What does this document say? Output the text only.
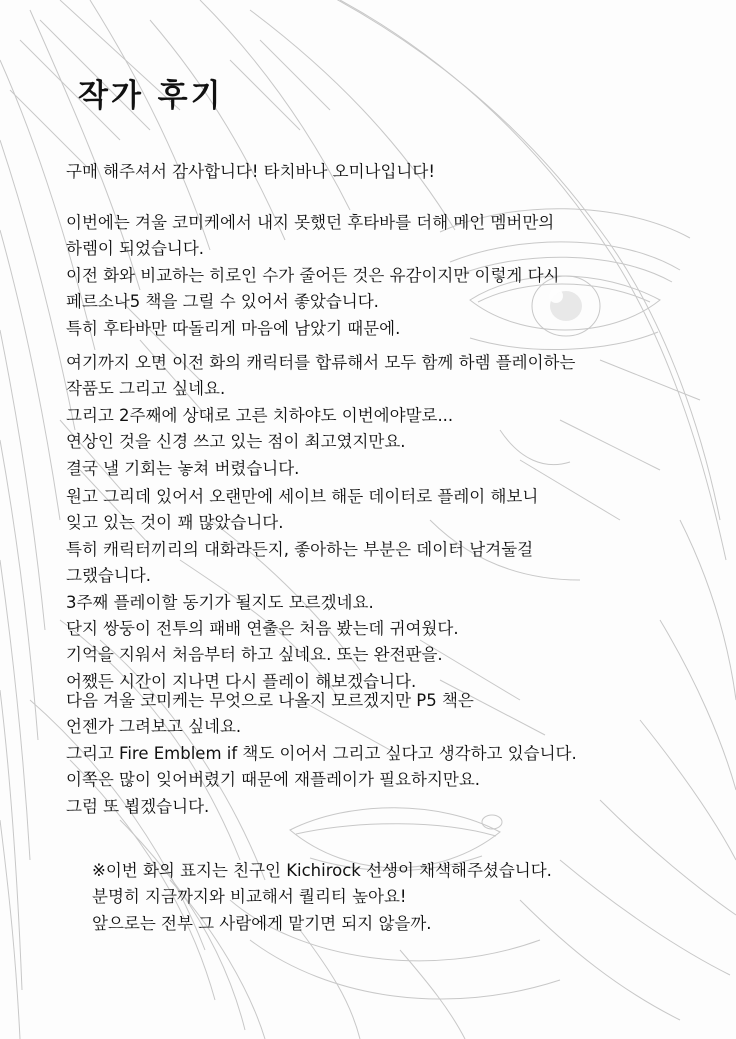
작가 후기
구매 해주셔서 감사합니다! 타치바나 오미나입니다!
이번에는 겨울 코미케에서 내지 못했던 후타바를 더해 메인 멤버만의
하렘이 되었습니다.
이전 화와 비교하는 히로인 수가 줄어든 것은 유감이지만 이렇게 다시
페르소나5 책을 그릴 수 있어서 좋았습니다.
특히 후타바만 따돌리게 마음에 남았기 때문에.
여기까지 오면 이전 화의 캐릭터를 합류해서 모두 함께 하렘 플레이하는
작품도 그리고 싶네요.
그리고 2주째에 상대로 고른 치하야도 이번에야말로...
연상인 것을 신경 쓰고 있는 점이 최고였지만요.
결국 낼 기회는 놓쳐 버렸습니다.
원고 그리데 있어서 오랜만에 세이브 해둔 데이터로 플레이 해보니
잊고 있는 것이 꽤 많았습니다.
특히 캐릭터끼리의 대화라든지, 좋아하는 부분은 데이터 남겨둘걸
그랬습니다.
3주째 플레이할 동기가 될지도 모르겠네요.
단지 쌍둥이 전투의 패배 연출은 처음 봤는데 귀여웠다.
기억을 지워서 처음부터 하고 싶네요. 또는 완전판을.
어쨌든 시간이 지나면 다시 플레이 해보겠습니다.
다음 겨울 코미케는 무엇으로 나올지 모르겠지만 P5 책은
언젠가 그려보고 싶네요.
그리고 Fire Emblem if 책도 이어서 그리고 싶다고 생각하고 있습니다.
이쪽은 많이 잊어버렸기 때문에 재플레이가 필요하지만요.
그럼 또 뵙겠습니다.
※이번 화의 표지는 친구인 Kichirock 선생이 채색해주셨습니다.
분명히 지금까지와 비교해서 퀄리티 높아요!
앞으로는 전부 그 사람에게 맡기면 되지 않을까.
